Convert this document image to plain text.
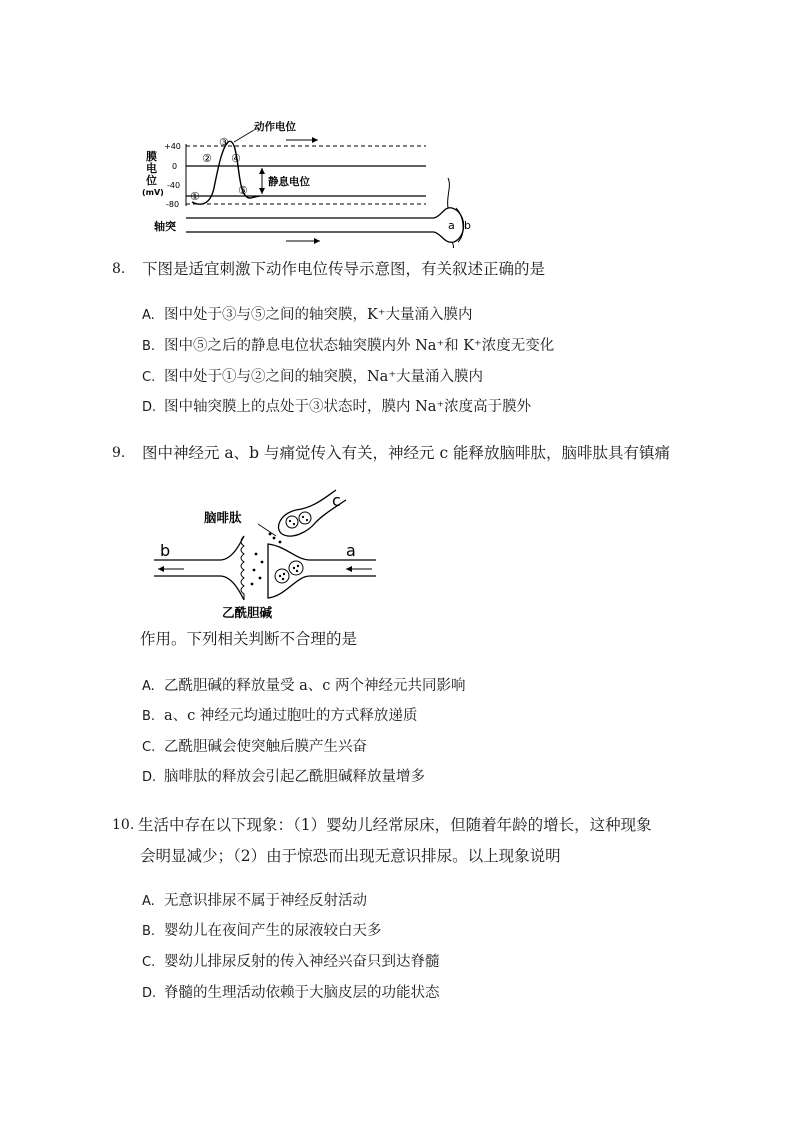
膜
电
位
(mV)
+40
0
-40
-80
①
②
③
④
⑤
动作电位
静息电位
轴突	a b
8. 下图是适宜刺激下动作电位传导示意图，有关叙述正确的是
A. 图中处于③与⑤之间的轴突膜，K⁺大量涌入膜内
B. 图中⑤之后的静息电位状态轴突膜内外 Na⁺和 K⁺浓度无变化
C. 图中处于①与②之间的轴突膜，Na⁺大量涌入膜内
D. 图中轴突膜上的点处于③状态时，膜内 Na⁺浓度高于膜外
9. 图中神经元 a、b 与痛觉传入有关，神经元 c 能释放脑啡肽，脑啡肽具有镇痛
b	a
c
脑啡肽
乙酰胆碱
作用。下列相关判断不合理的是
A. 乙酰胆碱的释放量受 a、c 两个神经元共同影响
B. a、c 神经元均通过胞吐的方式释放递质
C. 乙酰胆碱会使突触后膜产生兴奋
D. 脑啡肽的释放会引起乙酰胆碱释放量增多
10. 生活中存在以下现象：（1）婴幼儿经常尿床，但随着年龄的增长，这种现象
会明显减少；（2）由于惊恐而出现无意识排尿。以上现象说明
A. 无意识排尿不属于神经反射活动
B. 婴幼儿在夜间产生的尿液较白天多
C. 婴幼儿排尿反射的传入神经兴奋只到达脊髓
D. 脊髓的生理活动依赖于大脑皮层的功能状态
